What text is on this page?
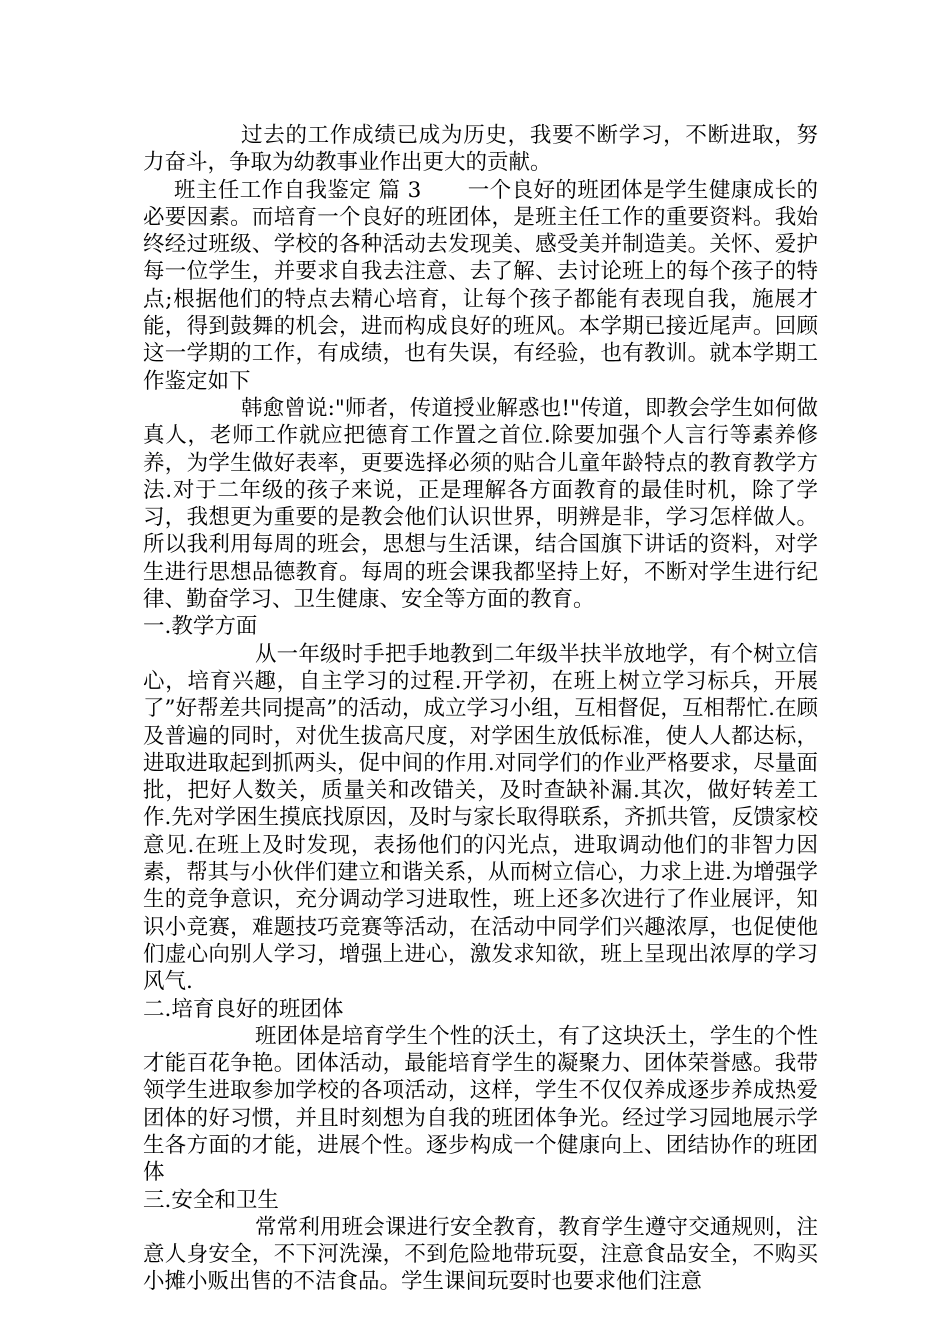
过去的工作成绩已成为历史，我要不断学习，不断进取，努力奋斗，争取为幼教事业作出更大的贡献。

班主任工作自我鉴定 篇 3 一个良好的班团体是学生健康成长的必要因素。而培育一个良好的班团体，是班主任工作的重要资料。我始终经过班级、学校的各种活动去发现美、感受美并制造美。关怀、爱护每一位学生，并要求自我去注意、去了解、去讨论班上的每个孩子的特点;根据他们的特点去精心培育，让每个孩子都能有表现自我，施展才能，得到鼓舞的机会，进而构成良好的班风。本学期已接近尾声。回顾这一学期的工作，有成绩，也有失误，有经验，也有教训。就本学期工作鉴定如下

韩愈曾说:"师者，传道授业解惑也!"传道，即教会学生如何做真人，老师工作就应把德育工作置之首位.除要加强个人言行等素养修养，为学生做好表率，更要选择必须的贴合儿童年龄特点的教育教学方法.对于二年级的孩子来说，正是理解各方面教育的最佳时机，除了学习，我想更为重要的是教会他们认识世界，明辨是非，学习怎样做人。所以我利用每周的班会，思想与生活课，结合国旗下讲话的资料，对学生进行思想品德教育。每周的班会课我都坚持上好，不断对学生进行纪律、勤奋学习、卫生健康、安全等方面的教育。

一.教学方面

从一年级时手把手地教到二年级半扶半放地学，有个树立信心，培育兴趣，自主学习的过程.开学初，在班上树立学习标兵，开展了”好帮差共同提高”的活动，成立学习小组，互相督促，互相帮忙.在顾及普遍的同时，对优生拔高尺度，对学困生放低标准，使人人都达标，进取进取起到抓两头，促中间的作用.对同学们的作业严格要求，尽量面批，把好人数关，质量关和改错关，及时查缺补漏.其次，做好转差工作.先对学困生摸底找原因，及时与家长取得联系，齐抓共管，反馈家校意见.在班上及时发现，表扬他们的闪光点，进取调动他们的非智力因素，帮其与小伙伴们建立和谐关系，从而树立信心，力求上进.为增强学生的竞争意识，充分调动学习进取性，班上还多次进行了作业展评，知识小竞赛，难题技巧竞赛等活动，在活动中同学们兴趣浓厚，也促使他们虚心向别人学习，增强上进心，激发求知欲，班上呈现出浓厚的学习风气.

二.培育良好的班团体

班团体是培育学生个性的沃土，有了这块沃土，学生的个性才能百花争艳。团体活动，最能培育学生的凝聚力、团体荣誉感。我带领学生进取参加学校的各项活动，这样，学生不仅仅养成逐步养成热爱团体的好习惯，并且时刻想为自我的班团体争光。经过学习园地展示学生各方面的才能，进展个性。逐步构成一个健康向上、团结协作的班团体

三.安全和卫生

常常利用班会课进行安全教育，教育学生遵守交通规则，注意人身安全，不下河洗澡，不到危险地带玩耍，注意食品安全，不购买小摊小贩出售的不洁食品。学生课间玩耍时也要求他们注意
